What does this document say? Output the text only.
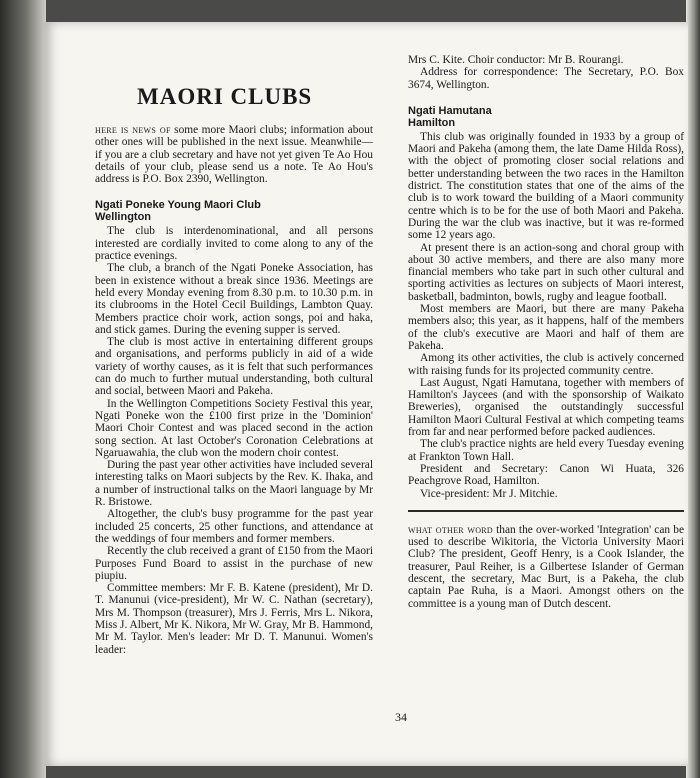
MAORI CLUBS

here is news of some more Maori clubs; information about other ones will be published in the next issue. Meanwhile—if you are a club secretary and have not yet given Te Ao Hou details of your club, please send us a note. Te Ao Hou's address is P.O. Box 2390, Wellington.

Ngati Poneke Young Maori Club

Wellington

The club is interdenominational, and all persons interested are cordially invited to come along to any of the practice evenings.

The club, a branch of the Ngati Poneke Association, has been in existence without a break since 1936. Meetings are held every Monday evening from 8.30 p.m. to 10.30 p.m. in its clubrooms in the Hotel Cecil Buildings, Lambton Quay. Members practice choir work, action songs, poi and haka, and stick games. During the evening supper is served.

The club is most active in entertaining different groups and organisations, and performs publicly in aid of a wide variety of worthy causes, as it is felt that such performances can do much to further mutual understanding, both cultural and social, between Maori and Pakeha.

In the Wellington Competitions Society Festival this year, Ngati Poneke won the £100 first prize in the 'Dominion' Maori Choir Contest and was placed second in the action song section. At last October's Coronation Celebrations at Ngaruawahia, the club won the modern choir contest.

During the past year other activities have included several interesting talks on Maori subjects by the Rev. K. Ihaka, and a number of instructional talks on the Maori language by Mr R. Bristowe.

Altogether, the club's busy programme for the past year included 25 concerts, 25 other functions, and attendance at the weddings of four members and former members.

Recently the club received a grant of £150 from the Maori Purposes Fund Board to assist in the purchase of new piupiu.

Committee members: Mr F. B. Katene (president), Mr D. T. Manunui (vice-president), Mr W. C. Nathan (secretary), Mrs M. Thompson (treasurer), Mrs J. Ferris, Mrs L. Nikora, Miss J. Albert, Mr K. Nikora, Mr W. Gray, Mr B. Hammond, Mr M. Taylor. Men's leader: Mr D. T. Manunui. Women's leader:

Mrs C. Kite. Choir conductor: Mr B. Rourangi.

Address for correspondence: The Secretary, P.O. Box 3674, Wellington.

Ngati Hamutana

Hamilton

This club was originally founded in 1933 by a group of Maori and Pakeha (among them, the late Dame Hilda Ross), with the object of promoting closer social relations and better understanding between the two races in the Hamilton district. The constitution states that one of the aims of the club is to work toward the building of a Maori community centre which is to be for the use of both Maori and Pakeha. During the war the club was inactive, but it was re-formed some 12 years ago.

At present there is an action-song and choral group with about 30 active members, and there are also many more financial members who take part in such other cultural and sporting activities as lectures on subjects of Maori interest, basketball, badminton, bowls, rugby and league football.

Most members are Maori, but there are many Pakeha members also; this year, as it happens, half of the members of the club's executive are Maori and half of them are Pakeha.

Among its other activities, the club is actively concerned with raising funds for its projected community centre.

Last August, Ngati Hamutana, together with members of Hamilton's Jaycees (and with the sponsorship of Waikato Breweries), organised the outstandingly successful Hamilton Maori Cultural Festival at which competing teams from far and near performed before packed audiences.

The club's practice nights are held every Tuesday evening at Frankton Town Hall.

President and Secretary: Canon Wi Huata, 326 Peachgrove Road, Hamilton.

Vice-president: Mr J. Mitchie.

what other word than the over-worked 'Integration' can be used to describe Wikitoria, the Victoria University Maori Club? The president, Geoff Henry, is a Cook Islander, the treasurer, Paul Reiher, is a Gilbertese Islander of German descent, the secretary, Mac Burt, is a Pakeha, the club captain Pae Ruha, is a Maori. Amongst others on the committee is a young man of Dutch descent.

34
